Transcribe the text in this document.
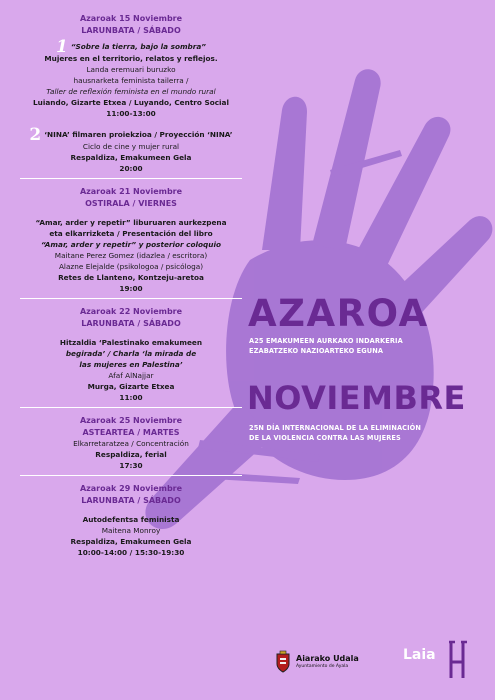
Azaroak 15 Noviembre
LARUNBATA / SÁBADO
1 “Sobre la tierra, bajo la sombra”
Mujeres en el territorio, relatos y reflejos.
Landa eremuari buruzko
hausnarketa feminista tailerra /
Taller de reflexión feminista en el mundo rural
Luiando, Gizarte Etxea / Luyando, Centro Social
11:00-13:00
2 ‘NINA’ filmaren proiekzioa / Proyección ‘NINA’
Ciclo de cine y mujer rural
Respaldiza, Emakumeen Gela
20:00
Azaroak 21 Noviembre
OSTIRALA / VIERNES
“Amar, arder y repetir” liburuaren aurkezpena
eta elkarrizketa / Presentación del libro
“Amar, arder y repetir” y posterior coloquio
Maitane Perez Gomez (idazlea / escritora)
Alazne Elejalde (psikologoa / psicóloga)
Retes de Llanteno, Kontzeju-aretoa
19:00
Azaroak 22 Noviembre
LARUNBATA / SÁBADO
Hitzaldia ‘Palestinako emakumeen
begirada’ / Charla ‘la mirada de
las mujeres en Palestina’
Afaf AlNajjar
Murga, Gizarte Etxea
11:00
Azaroak 25 Noviembre
ASTEARTEA / MARTES
Elkarretaratzea / Concentración
Respaldiza, ferial
17:30
Azaroak 29 Noviembre
LARUNBATA / SÁBADO
Autodefentsa feminista
Maitena Monroy
Respaldiza, Emakumeen Gela
10:00-14:00 / 15:30-19:30
AZAROA
A25 EMAKUMEEN AURKAKO INDARKERIA
EZABATZEKO NAZIOARTEKO EGUNA
NOVIEMBRE
25N DÍA INTERNACIONAL DE LA ELIMINACIÓN
DE LA VIOLENCIA CONTRA LAS MUJERES
Aiarako Udala
Ayuntamiento de Ayala
Laia
